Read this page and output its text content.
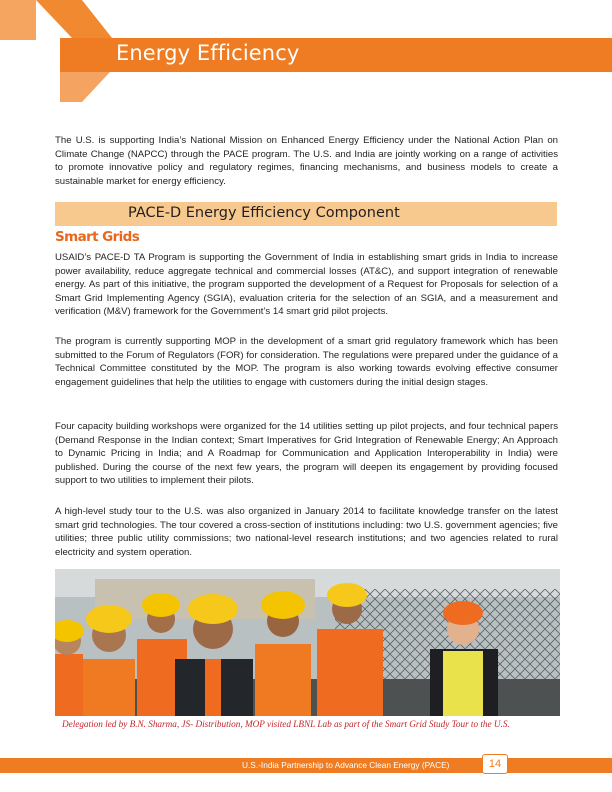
Energy Efficiency

The U.S. is supporting India’s National Mission on Enhanced Energy Efficiency under the National Action Plan on Climate Change (NAPCC) through the PACE program. The U.S. and India are jointly working on a range of activities to promote innovative policy and regulatory regimes, financing mechanisms, and business models to create a sustainable market for energy efficiency.

PACE-D Energy Efficiency Component
Smart Grids

USAID’s PACE-D TA Program is supporting the Government of India in establishing smart grids in India to increase power availability, reduce aggregate technical and commercial losses (AT&C), and support integration of renewable energy. As part of this initiative, the program supported the development of a Request for Proposals for selection of a Smart Grid Implementing Agency (SGIA), evaluation criteria for the selection of an SGIA, and a measurement and verification (M&V) framework for the Government’s 14 smart grid pilot projects.

The program is currently supporting MOP in the development of a smart grid regulatory framework which has been submitted to the Forum of Regulators (FOR) for consideration. The regulations were prepared under the guidance of a Technical Committee constituted by the MOP. The program is also working towards evolving effective consumer engagement guidelines that help the utilities to engage with customers during the initial design stages.

Four capacity building workshops were organized for the 14 utilities setting up pilot projects, and four technical papers (Demand Response in the Indian context; Smart Imperatives for Grid Integration of Renewable Energy; An Approach to Dynamic Pricing in India; and A Roadmap for Communication and Application Interoperability in India) were published. During the course of the next few years, the program will deepen its engagement by providing focused support to two utilities to implement their pilots.

A high-level study tour to the U.S. was also organized in January 2014 to facilitate knowledge transfer on the latest smart grid technologies. The tour covered a cross-section of institutions including: two U.S. government agencies; five utilities; three public utility commissions; two national-level research institutions; and two agencies related to rural electricity and system operation.

Delegation led by B.N. Sharma, JS- Distribution, MOP visited LBNL Lab as part of the Smart Grid Study Tour to the U.S.
U.S.-India Partnership to Advance Clean Energy (PACE)	14
